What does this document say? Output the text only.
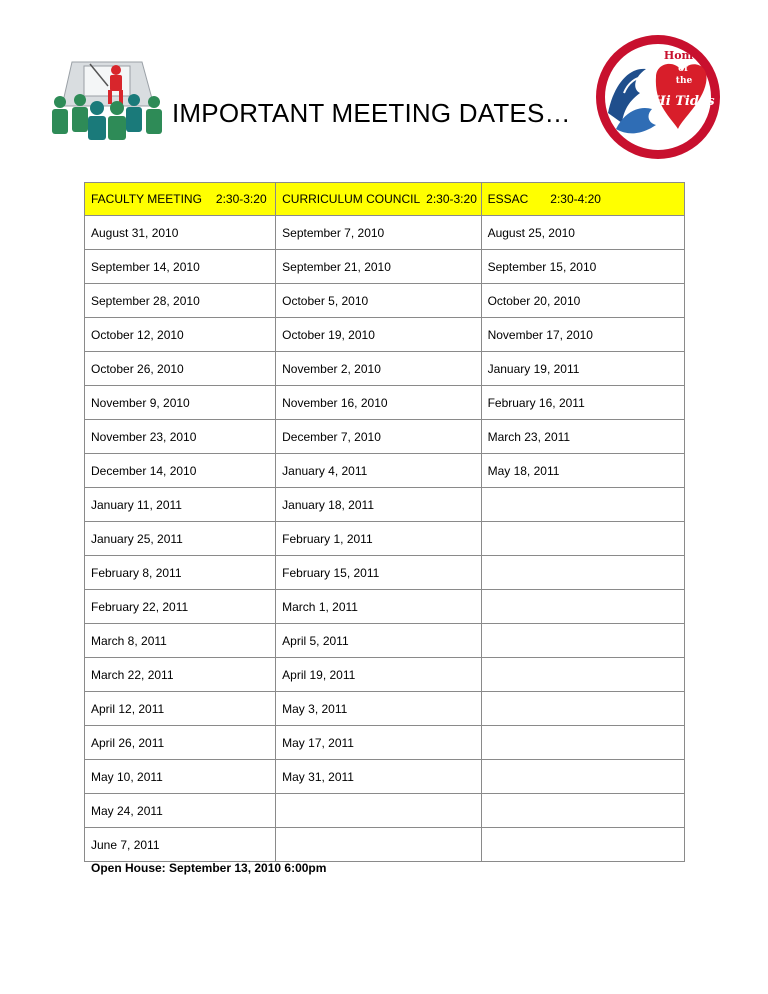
IMPORTANT MEETING DATES…
Home
of
the
Hi Tides
FACULTY MEETING 2:30-3:20	CURRICULUM COUNCIL 2:30-3:20	ESSAC 2:30-4:20
August 31, 2010	September 7, 2010	August 25, 2010
September 14, 2010	September 21, 2010	September 15, 2010
September 28, 2010	October 5, 2010	October 20, 2010
October 12, 2010	October 19, 2010	November 17, 2010
October 26, 2010	November 2, 2010	January 19, 2011
November 9, 2010	November 16, 2010	February 16, 2011
November 23, 2010	December 7, 2010	March 23, 2011
December 14, 2010	January 4, 2011	May 18, 2011
January 11, 2011	January 18, 2011	
January 25, 2011	February 1, 2011	
February 8, 2011	February 15, 2011	
February 22, 2011	March 1, 2011	
March 8, 2011	April 5, 2011	
March 22, 2011	April 19, 2011	
April 12, 2011	May 3, 2011	
April 26, 2011	May 17, 2011	
May 10, 2011	May 31, 2011	
May 24, 2011		
June 7, 2011		
Open House: September 13, 2010 6:00pm
